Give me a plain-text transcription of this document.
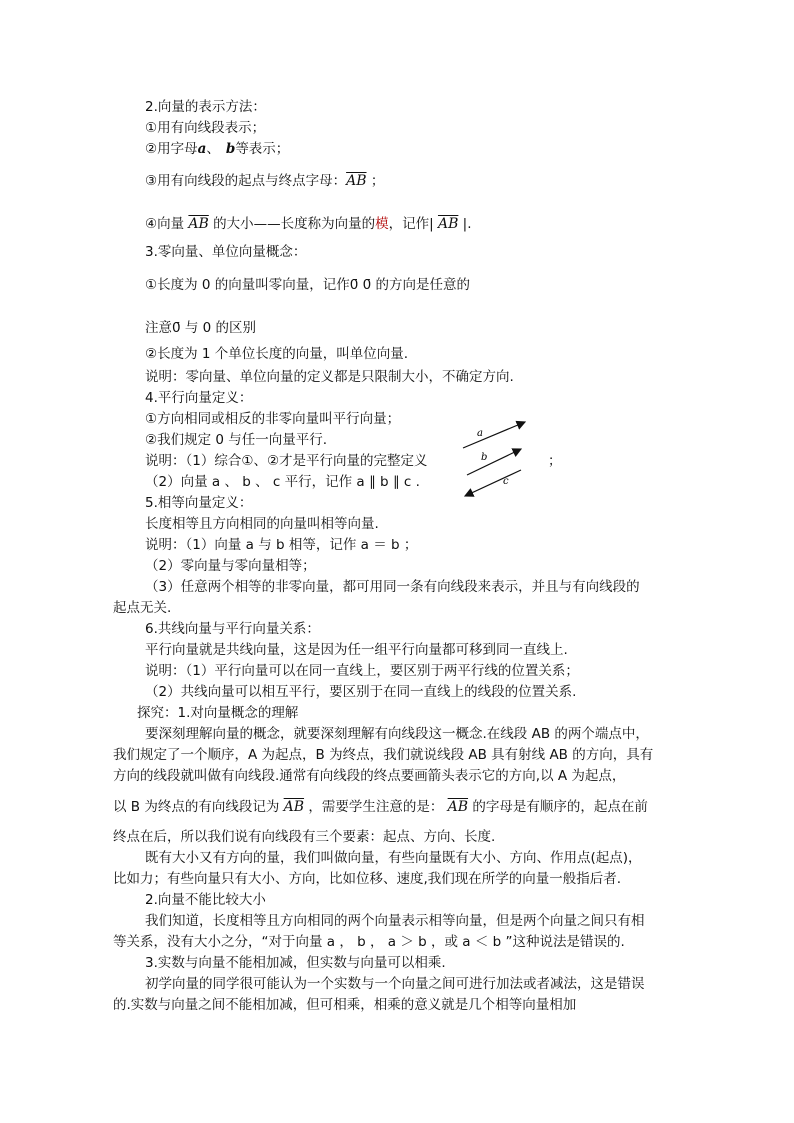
2.向量的表示方法：
①用有向线段表示；
②用字母a、 b等表示；
③用有向线段的起点与终点字母：$\overline{AB}$ ；
④向量 $\overline{AB}$ 的大小——长度称为向量的模，记作| $\overline{AB}$ |.
3.零向量、单位向量概念：
①长度为 0 的向量叫零向量，记作0̄ 0̄ 的方向是任意的
注意0̄ 与 0 的区别
②长度为 1 个单位长度的向量，叫单位向量.
说明：零向量、单位向量的定义都是只限制大小，不确定方向.
4.平行向量定义：
①方向相同或相反的非零向量叫平行向量；
②我们规定 0 与任一向量平行.
说明：（1）综合①、②才是平行向量的完整定义	；
（2）向量 a 、 b 、 c 平行，记作 a ∥ b ∥ c .
a
b
c
5.相等向量定义：
长度相等且方向相同的向量叫相等向量.
说明：（1）向量 a 与 b 相等，记作 a ＝ b ；
（2）零向量与零向量相等；
（3）任意两个相等的非零向量，都可用同一条有向线段来表示，并且与有向线段的
起点无关.
6.共线向量与平行向量关系：
平行向量就是共线向量，这是因为任一组平行向量都可移到同一直线上.
说明：（1）平行向量可以在同一直线上，要区别于两平行线的位置关系；
（2）共线向量可以相互平行，要区别于在同一直线上的线段的位置关系.
探究：1.对向量概念的理解
要深刻理解向量的概念，就要深刻理解有向线段这一概念.在线段 AB 的两个端点中，
我们规定了一个顺序，A 为起点，B 为终点，我们就说线段 AB 具有射线 AB 的方向，具有
方向的线段就叫做有向线段.通常有向线段的终点要画箭头表示它的方向,以 A 为起点，
以 B 为终点的有向线段记为 $\overline{AB}$ ，需要学生注意的是： $\overline{AB}$ 的字母是有顺序的，起点在前
终点在后，所以我们说有向线段有三个要素：起点、方向、长度.
既有大小又有方向的量，我们叫做向量，有些向量既有大小、方向、作用点(起点)，
比如力；有些向量只有大小、方向，比如位移、速度,我们现在所学的向量一般指后者.
2.向量不能比较大小
我们知道，长度相等且方向相同的两个向量表示相等向量，但是两个向量之间只有相
等关系，没有大小之分，“对于向量 a ， b ， a ＞ b ，或 a ＜ b ”这种说法是错误的.
3.实数与向量不能相加减，但实数与向量可以相乘.
初学向量的同学很可能认为一个实数与一个向量之间可进行加法或者减法，这是错误
的.实数与向量之间不能相加减，但可相乘，相乘的意义就是几个相等向量相加
